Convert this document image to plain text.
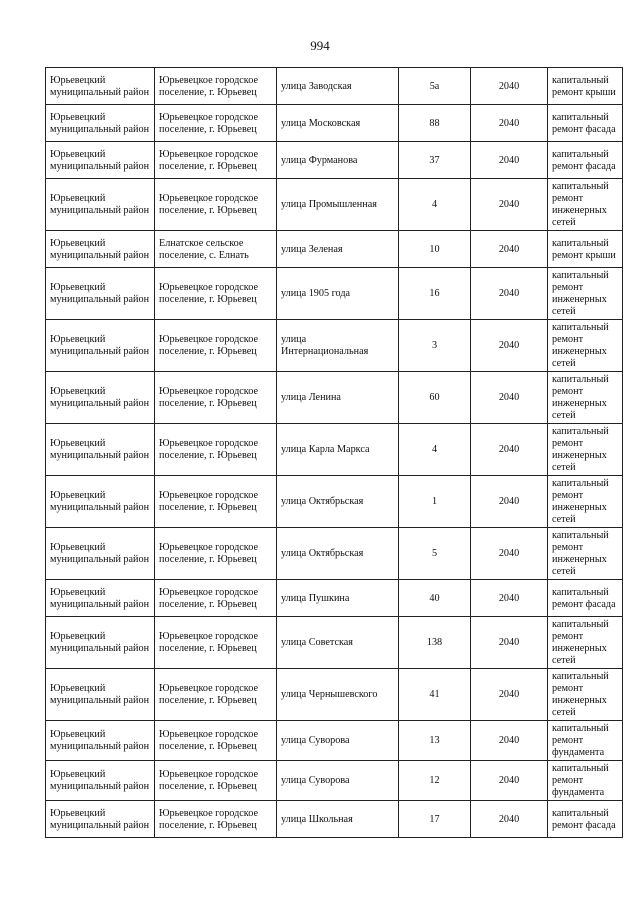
994
Юрьевецкий муниципальный район	Юрьевецкое городское поселение, г. Юрьевец	улица Заводская	5а	2040	капитальный ремонт крыши
Юрьевецкий муниципальный район	Юрьевецкое городское поселение, г. Юрьевец	улица Московская	88	2040	капитальный ремонт фасада
Юрьевецкий муниципальный район	Юрьевецкое городское поселение, г. Юрьевец	улица Фурманова	37	2040	капитальный ремонт фасада
Юрьевецкий муниципальный район	Юрьевецкое городское поселение, г. Юрьевец	улица Промышленная	4	2040	капитальный ремонт инженерных сетей
Юрьевецкий муниципальный район	Елнатское сельское поселение, с. Елнать	улица Зеленая	10	2040	капитальный ремонт крыши
Юрьевецкий муниципальный район	Юрьевецкое городское поселение, г. Юрьевец	улица 1905 года	16	2040	капитальный ремонт инженерных сетей
Юрьевецкий муниципальный район	Юрьевецкое городское поселение, г. Юрьевец	улица Интернациональная	3	2040	капитальный ремонт инженерных сетей
Юрьевецкий муниципальный район	Юрьевецкое городское поселение, г. Юрьевец	улица Ленина	60	2040	капитальный ремонт инженерных сетей
Юрьевецкий муниципальный район	Юрьевецкое городское поселение, г. Юрьевец	улица Карла Маркса	4	2040	капитальный ремонт инженерных сетей
Юрьевецкий муниципальный район	Юрьевецкое городское поселение, г. Юрьевец	улица Октябрьская	1	2040	капитальный ремонт инженерных сетей
Юрьевецкий муниципальный район	Юрьевецкое городское поселение, г. Юрьевец	улица Октябрьская	5	2040	капитальный ремонт инженерных сетей
Юрьевецкий муниципальный район	Юрьевецкое городское поселение, г. Юрьевец	улица Пушкина	40	2040	капитальный ремонт фасада
Юрьевецкий муниципальный район	Юрьевецкое городское поселение, г. Юрьевец	улица Советская	138	2040	капитальный ремонт инженерных сетей
Юрьевецкий муниципальный район	Юрьевецкое городское поселение, г. Юрьевец	улица Чернышевского	41	2040	капитальный ремонт инженерных сетей
Юрьевецкий муниципальный район	Юрьевецкое городское поселение, г. Юрьевец	улица Суворова	13	2040	капитальный ремонт фундамента
Юрьевецкий муниципальный район	Юрьевецкое городское поселение, г. Юрьевец	улица Суворова	12	2040	капитальный ремонт фундамента
Юрьевецкий муниципальный район	Юрьевецкое городское поселение, г. Юрьевец	улица Школьная	17	2040	капитальный ремонт фасада
